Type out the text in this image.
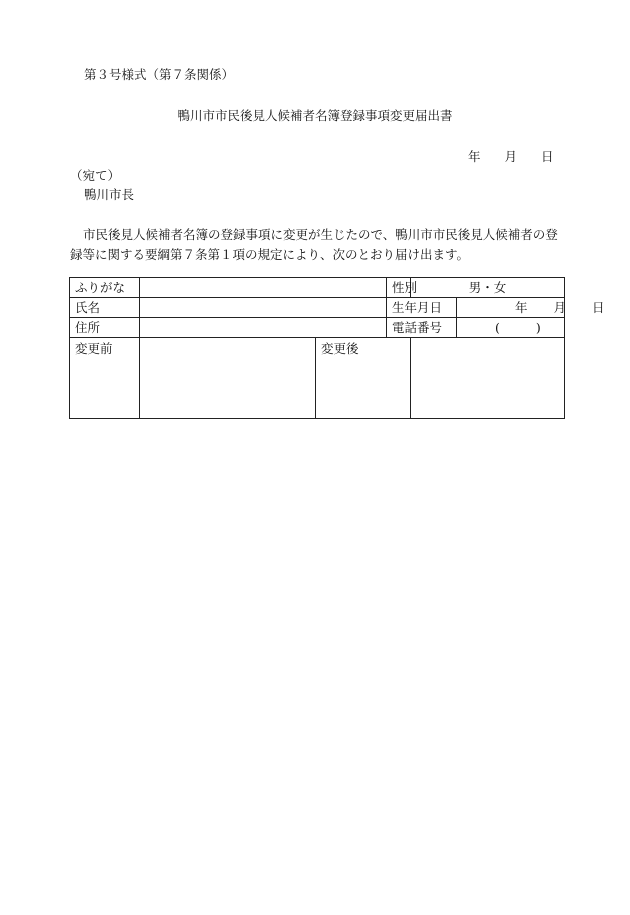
第３号様式（第７条関係）
鴨川市市民後見人候補者名簿登録事項変更届出書
年 月 日
（宛て）
鴨川市長
市民後見人候補者名簿の登録事項に変更が生じたので、鴨川市市民後見人候補者の登録等に関する要綱第７条第１項の規定により、次のとおり届け出ます。
ふりがな			性別	男・女
氏名			生年月日 年 月 日	
住所			電話番号 ( )	
変更前		変更後		
